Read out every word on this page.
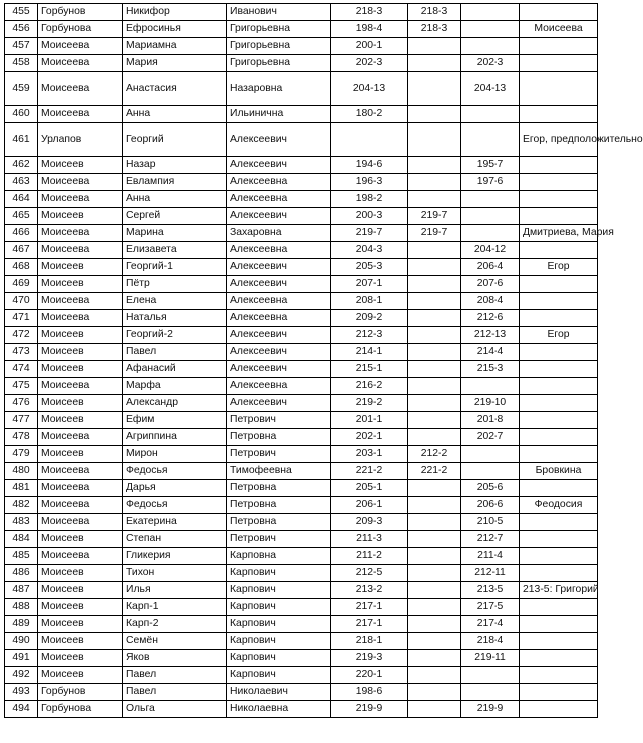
455	Горбунов	Никифор	Иванович	218-3	218-3		
456	Горбунова	Ефросинья	Григорьевна	198-4	218-3		Моисеева
457	Моисеева	Мариамна	Григорьевна	200-1			
458	Моисеева	Мария	Григорьевна	202-3		202-3	
459	Моисеева	Анастасия	Назаровна	204-13		204-13	
460	Моисеева	Анна	Ильинична	180-2			
461	Урлапов	Георгий	Алексеевич				Егор, предположительно
462	Моисеев	Назар	Алексеевич	194-6		195-7	
463	Моисеева	Евлампия	Алексеевна	196-3		197-6	
464	Моисеева	Анна	Алексеевна	198-2			
465	Моисеев	Сергей	Алексеевич	200-3	219-7		
466	Моисеева	Марина	Захаровна	219-7	219-7		Дмитриева, Мария
467	Моисеева	Елизавета	Алексеевна	204-3		204-12	
468	Моисеев	Георгий-1	Алексеевич	205-3		206-4	Егор
469	Моисеев	Пётр	Алексеевич	207-1		207-6	
470	Моисеева	Елена	Алексеевна	208-1		208-4	
471	Моисеева	Наталья	Алексеевна	209-2		212-6	
472	Моисеев	Георгий-2	Алексеевич	212-3		212-13	Егор
473	Моисеев	Павел	Алексеевич	214-1		214-4	
474	Моисеев	Афанасий	Алексеевич	215-1		215-3	
475	Моисеева	Марфа	Алексеевна	216-2			
476	Моисеев	Александр	Алексеевич	219-2		219-10	
477	Моисеев	Ефим	Петрович	201-1		201-8	
478	Моисеева	Агриппина	Петровна	202-1		202-7	
479	Моисеев	Мирон	Петрович	203-1	212-2		
480	Моисеева	Федосья	Тимофеевна	221-2	221-2		Бровкина
481	Моисеева	Дарья	Петровна	205-1		205-6	
482	Моисеева	Федосья	Петровна	206-1		206-6	Феодосия
483	Моисеева	Екатерина	Петровна	209-3		210-5	
484	Моисеев	Степан	Петрович	211-3		212-7	
485	Моисеева	Гликерия	Карповна	211-2		211-4	
486	Моисеев	Тихон	Карпович	212-5		212-11	
487	Моисеев	Илья	Карпович	213-2		213-5	213-5: Григорий
488	Моисеев	Карп-1	Карпович	217-1		217-5	
489	Моисеев	Карп-2	Карпович	217-1		217-4	
490	Моисеев	Семён	Карпович	218-1		218-4	
491	Моисеев	Яков	Карпович	219-3		219-11	
492	Моисеев	Павел	Карпович	220-1			
493	Горбунов	Павел	Николаевич	198-6			
494	Горбунова	Ольга	Николаевна	219-9		219-9	
